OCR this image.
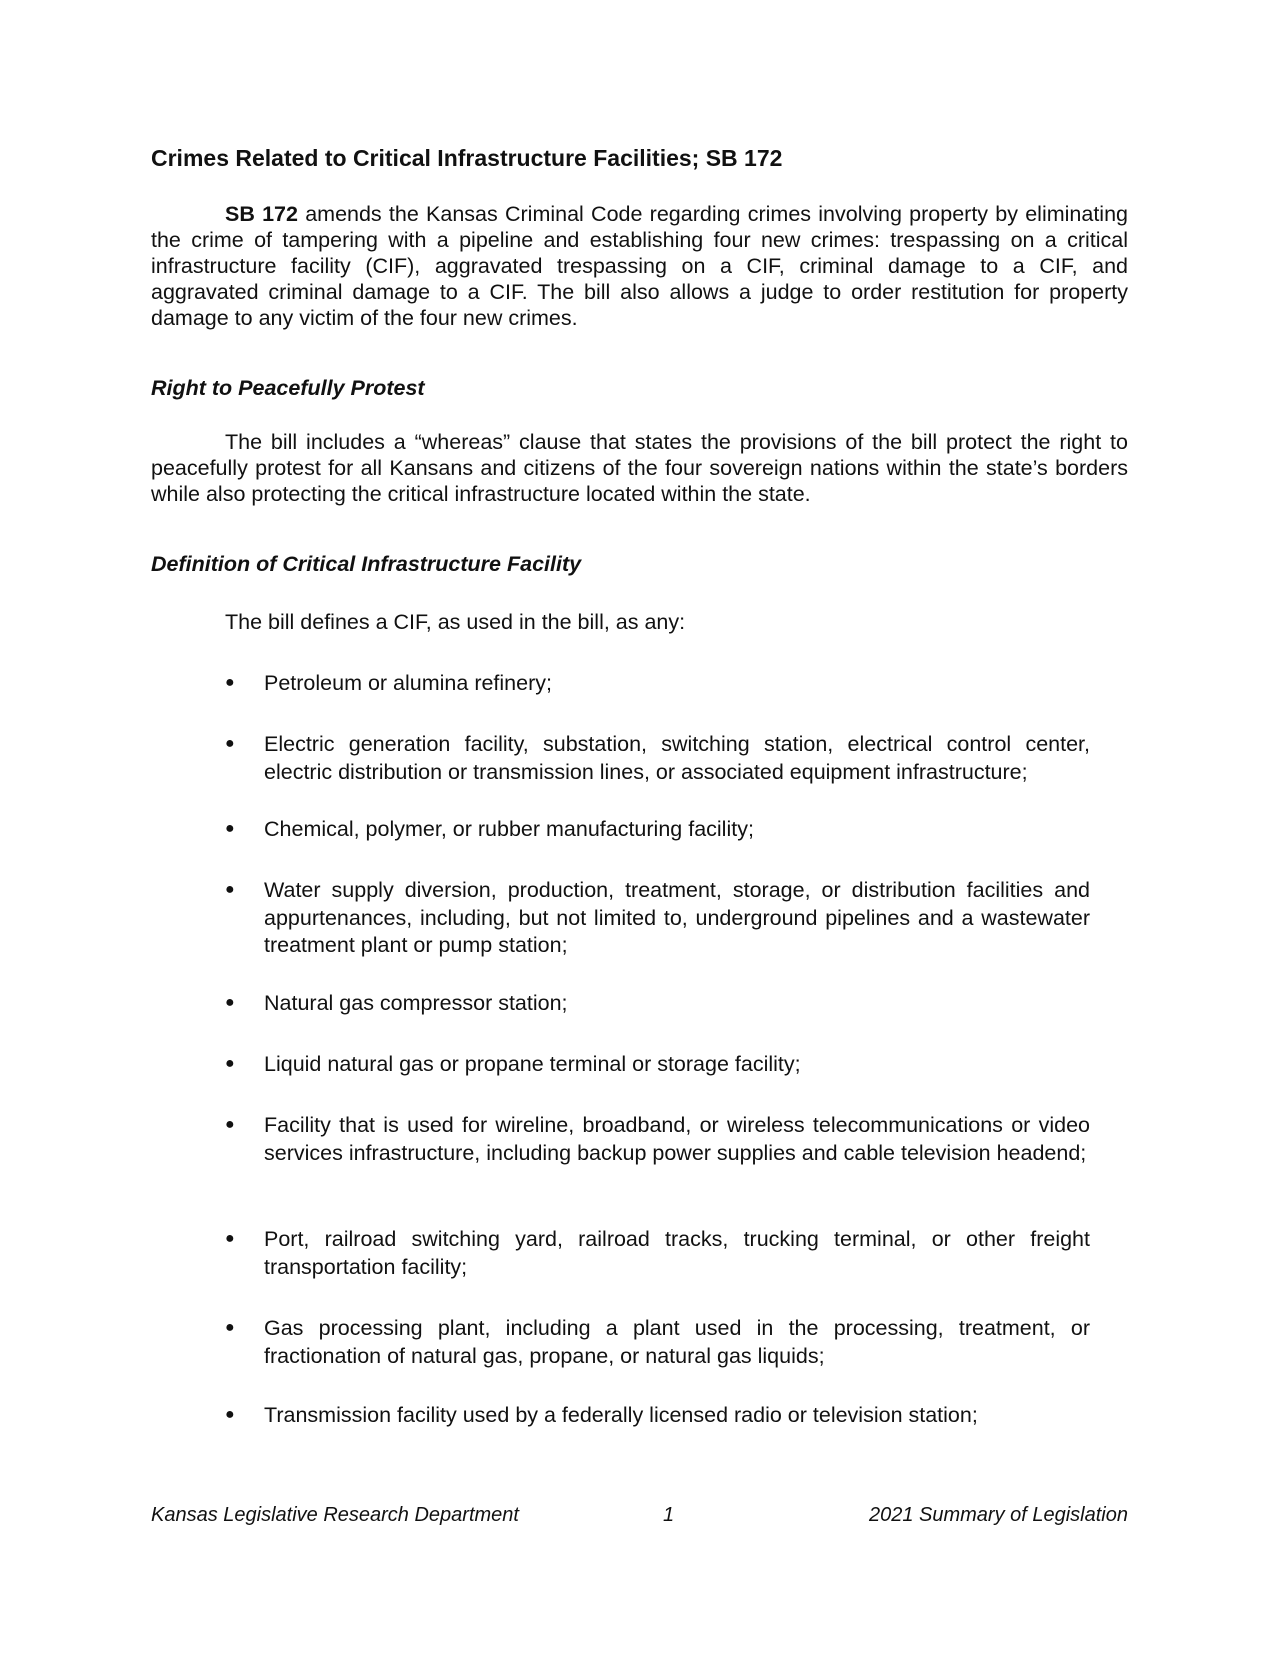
Crimes Related to Critical Infrastructure Facilities; SB 172

SB 172 amends the Kansas Criminal Code regarding crimes involving property by eliminating the crime of tampering with a pipeline and establishing four new crimes: trespassing on a critical infrastructure facility (CIF), aggravated trespassing on a CIF, criminal damage to a CIF, and aggravated criminal damage to a CIF. The bill also allows a judge to order restitution for property damage to any victim of the four new crimes.

Right to Peacefully Protest

The bill includes a “whereas” clause that states the provisions of the bill protect the right to peacefully protest for all Kansans and citizens of the four sovereign nations within the state’s borders while also protecting the critical infrastructure located within the state.

Definition of Critical Infrastructure Facility

The bill defines a CIF, as used in the bill, as any:

● Petroleum or alumina refinery;
● Electric generation facility, substation, switching station, electrical control center, electric distribution or transmission lines, or associated equipment infrastructure;
● Chemical, polymer, or rubber manufacturing facility;
● Water supply diversion, production, treatment, storage, or distribution facilities and appurtenances, including, but not limited to, underground pipelines and a wastewater treatment plant or pump station;
● Natural gas compressor station;
● Liquid natural gas or propane terminal or storage facility;
● Facility that is used for wireline, broadband, or wireless telecommunications or video services infrastructure, including backup power supplies and cable television headend;
● Port, railroad switching yard, railroad tracks, trucking terminal, or other freight transportation facility;
● Gas processing plant, including a plant used in the processing, treatment, or fractionation of natural gas, propane, or natural gas liquids;
● Transmission facility used by a federally licensed radio or television station;
Kansas Legislative Research Department	1	2021 Summary of Legislation
